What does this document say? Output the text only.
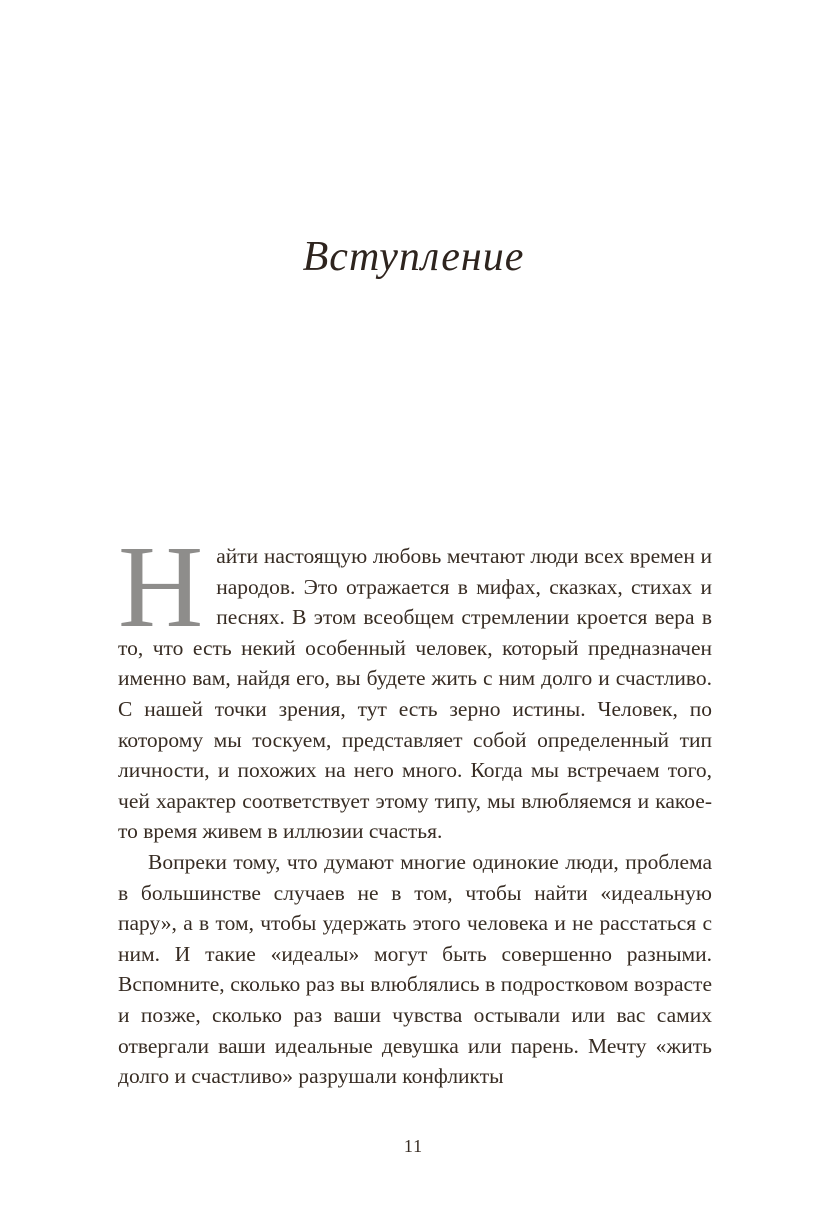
Вступление

Найти настоящую любовь мечтают люди всех времен и народов. Это отражается в мифах, сказках, стихах и песнях. В этом всеобщем стремлении кроется вера в то, что есть некий особенный человек, который предназначен именно вам, найдя его, вы будете жить с ним долго и счастливо. С нашей точки зрения, тут есть зерно истины. Человек, по которому мы тоскуем, представляет собой определенный тип личности, и похожих на него много. Когда мы встречаем того, чей характер соответствует этому типу, мы влюбляемся и какое-то время живем в иллюзии счастья.

Вопреки тому, что думают многие одинокие люди, проблема в большинстве случаев не в том, чтобы найти «идеальную пару», а в том, чтобы удержать этого человека и не расстаться с ним. И такие «идеалы» могут быть совершенно разными. Вспомните, сколько раз вы влюблялись в подростковом возрасте и позже, сколько раз ваши чувства остывали или вас самих отвергали ваши идеальные девушка или парень. Мечту «жить долго и счастливо» разрушали конфликты

11
